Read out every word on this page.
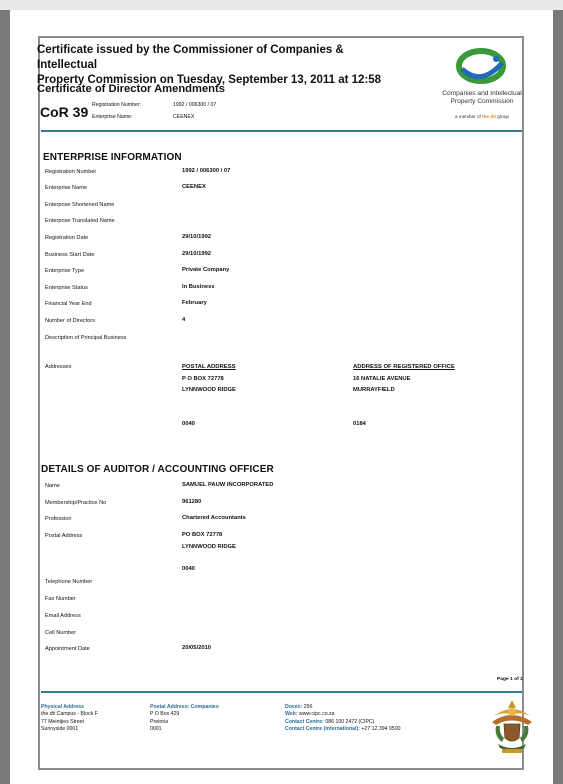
Certificate issued by the Commissioner of Companies & Intellectual
Property Commission on Tuesday, September 13, 2011 at 12:58
Certificate of Director Amendments
CoR 39 Registration Number:	1992 / 006300 / 07
Enterprise Name:	CEENEX
Companies and Intellectual
Property Commission
a member of the dti group
ENTERPRISE INFORMATION
Registration Number	1992 / 006300 / 07
Enterprise Name	CEENEX
Enterprise Shortened Name
Enterprise Translated Name
Registration Date	29/10/1992
Business Start Date	29/10/1992
Enterprise Type	Private Company
Enterprise Status	In Business
Financial Year End	February
Number of Directors	4
Description of Principal Business
Addresses	POSTAL ADDRESS
P O BOX 72778
LYNNWOOD RIDGE
0040
ADDRESS OF REGISTERED OFFICE
16 NATALIE AVENUE
MURRAYFIELD
0184
DETAILS OF AUDITOR / ACCOUNTING OFFICER
Name	SAMUEL PAUW INCORPORATED
Membership/Practice No	961280
Profession	Chartered Accountants
Postal Address	PO BOX 72778
LYNNWOOD RIDGE
0040
Telephone Number
Fax Number
Email Address
Cell Number
Appointment Date	20/05/2010
Page 1 of 2
Physical Address
the dti Campus - Block F
77 Meintjies Street
Sunnyside 0001
Postal Address: Companies
P O Box 429
Pretoria
0001
Docex: 256
Web: www.cipc.co.za
Contact Centre: 086 100 2472 (CIPC)
Contact Centre (international): +27 12 394 9500
